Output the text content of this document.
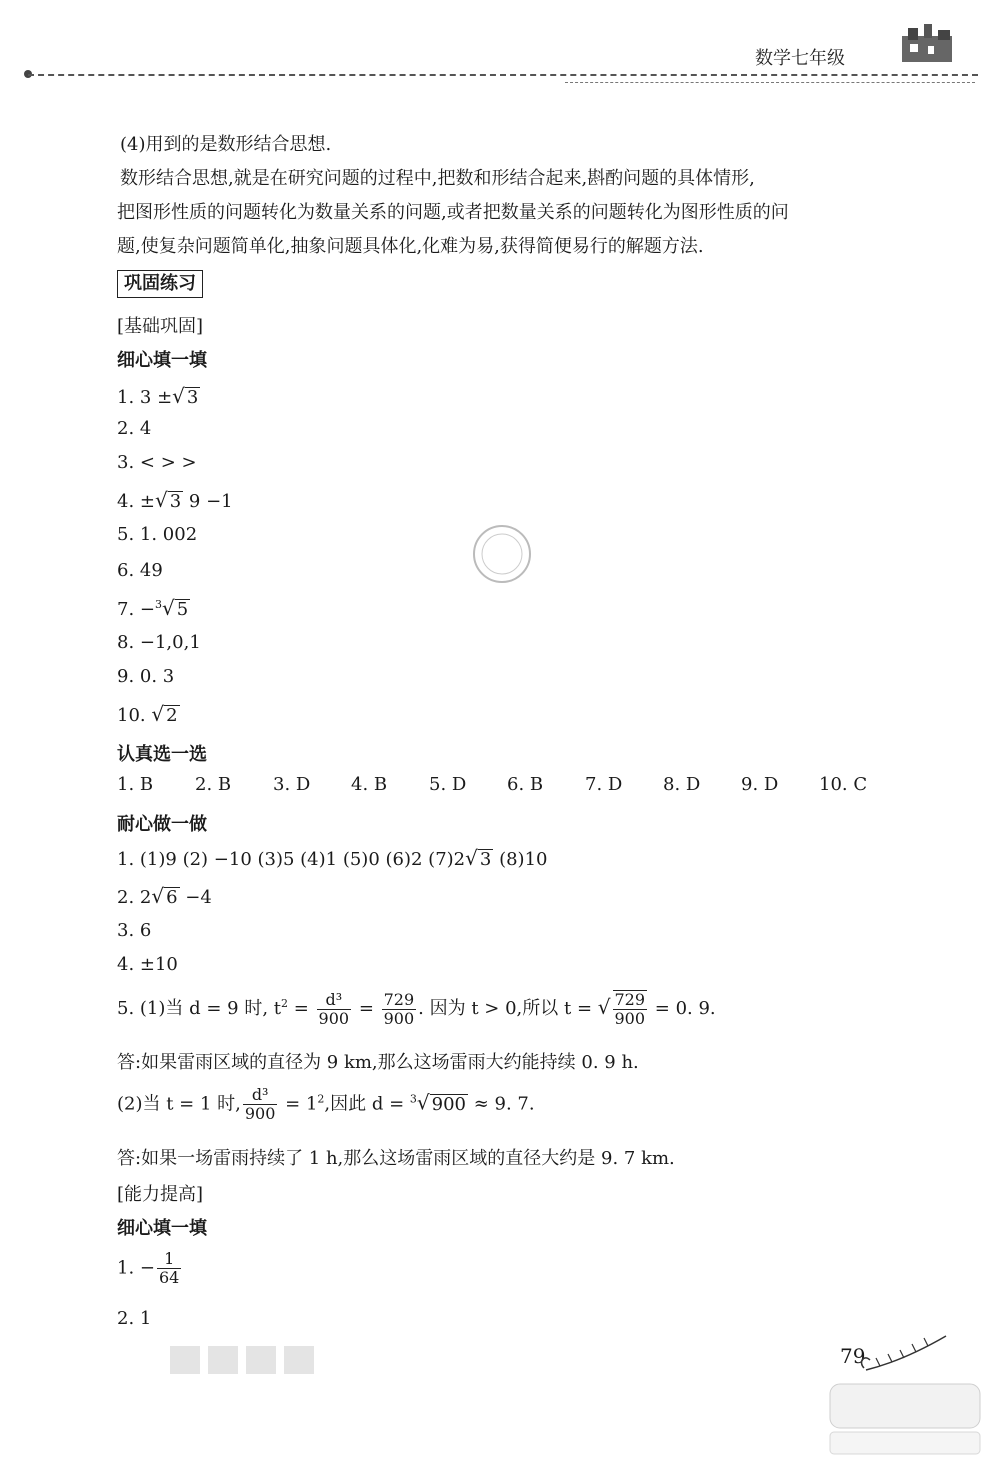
数学七年级
(4)用到的是数形结合思想.
数形结合思想,就是在研究问题的过程中,把数和形结合起来,斟酌问题的具体情形,
把图形性质的问题转化为数量关系的问题,或者把数量关系的问题转化为图形性质的问
题,使复杂问题简单化,抽象问题具体化,化难为易,获得简便易行的解题方法.
巩固练习
[基础巩固]
细心填一填
1. 3 ±√ 3
2. 4
3. < > >
4. ±√ 3 9 −1
5. 1. 002
6. 49
7. −$^3$√ 5
8. −1,0,1
9. 0. 3
10. √ 2
认真选一选
1. B 2. B 3. D 4. B 5. D 6. B 7. D 8. D 9. D 10. C
耐心做一做
1. (1)9 (2) −10 (3)5 (4)1 (5)0 (6)2 (7)2√ 3 (8)10
2. 2√ 6 −4
3. 6
4. ±10
5. (1)当 d = 9 时, $t^2 = \frac{\text{d³}}{900} = \frac{729}{900}$ . 因为 t > 0,所以 t = √ $\frac{729}{900} = 0$. 9.
答:如果雷雨区域的直径为 9 km,那么这场雷雨大约能持续 0. 9 h.
(2)当 t = 1 时, $\frac{\text{d³}}{900} = 1^2$,因此 d = $^3$√ 900 ≈ 9. 7.
答:如果一场雷雨持续了 1 h,那么这场雷雨区域的直径大约是 9. 7 km.
[能力提高]
细心填一填
1. − $\frac{1}{64}$
2. 1
79
